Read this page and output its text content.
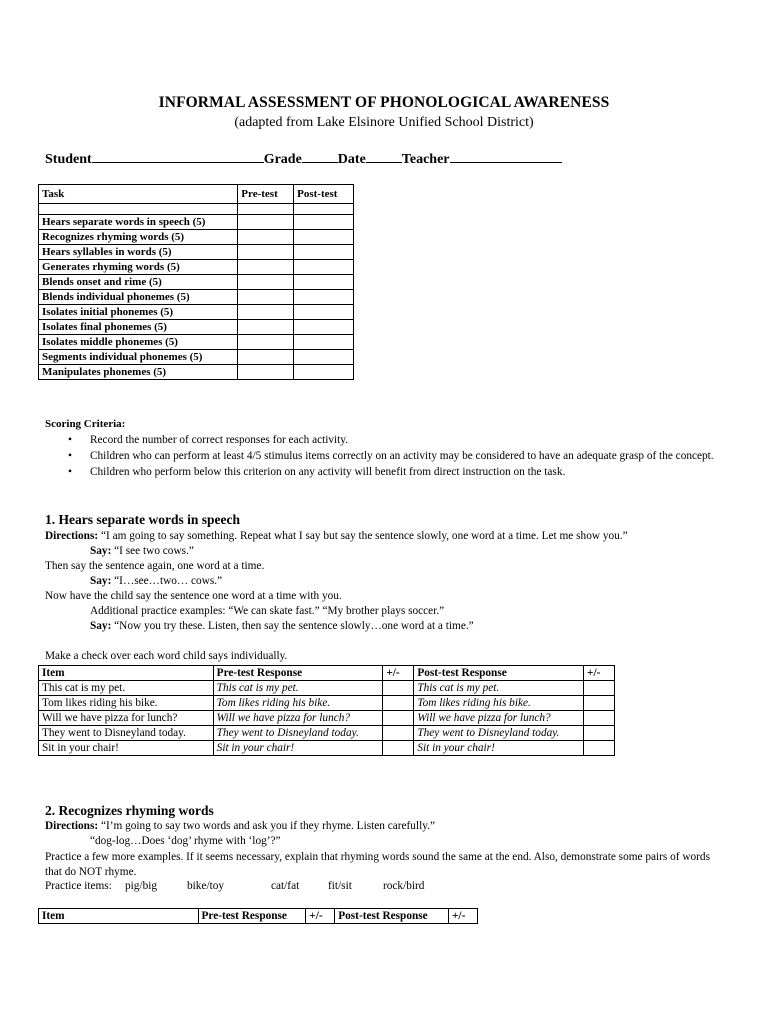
INFORMAL ASSESSMENT OF PHONOLOGICAL AWARENESS
(adapted from Lake Elsinore Unified School District)
Student	Grade	Date	Teacher
Task	Pre-test	Post-test

Hears separate words in speech (5)		
Recognizes rhyming words (5)		
Hears syllables in words (5)		
Generates rhyming words (5)		
Blends onset and rime (5)		
Blends individual phonemes (5)		
Isolates initial phonemes (5)		
Isolates final phonemes (5)		
Isolates middle phonemes (5)		
Segments individual phonemes (5)		
Manipulates phonemes (5)		
Scoring Criteria:
• Record the number of correct responses for each activity.
• Children who can perform at least 4/5 stimulus items correctly on an activity may be considered to have an adequate grasp of the concept.
• Children who perform below this criterion on any activity will benefit from direct instruction on the task.
1. Hears separate words in speech
Directions: “I am going to say something. Repeat what I say but say the sentence slowly, one word at a time. Let me show you.”
Say: “I see two cows.”
Then say the sentence again, one word at a time.
Say: “I…see…two… cows.”
Now have the child say the sentence one word at a time with you.
Additional practice examples: “We can skate fast.” “My brother plays soccer.”
Say: “Now you try these. Listen, then say the sentence slowly…one word at a time.”
Make a check over each word child says individually.
Item	Pre-test Response	+/-	Post-test Response	+/-
This cat is my pet.	This cat is my pet.		This cat is my pet.	
Tom likes riding his bike.	Tom likes riding his bike.		Tom likes riding his bike.	
Will we have pizza for lunch?	Will we have pizza for lunch?		Will we have pizza for lunch?	
They went to Disneyland today.	They went to Disneyland today.		They went to Disneyland today.	
Sit in your chair!	Sit in your chair!		Sit in your chair!	
2. Recognizes rhyming words
Directions: “I’m going to say two words and ask you if they rhyme. Listen carefully.”
“dog-log…Does ‘dog’ rhyme with ‘log’?”
Practice a few more examples. If it seems necessary, explain that rhyming words sound the same at the end. Also, demonstrate some pairs of words that do NOT rhyme.
Practice items: pig/big	bike/toy	cat/fat	fit/sit	rock/bird
Item	Pre-test Response	+/-	Post-test Response	+/-
